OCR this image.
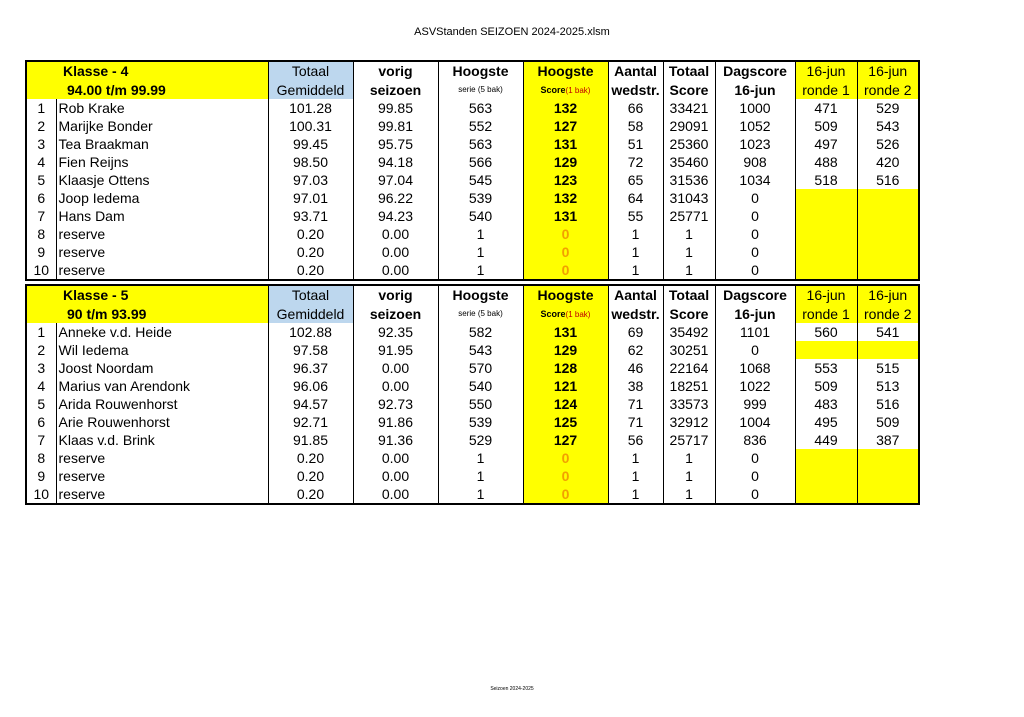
ASVStanden SEIZOEN 2024-2025.xlsm
Klasse - 4		Totaal	vorig	Hoogste	Hoogste	Aantal	Totaal	Dagscore	16-jun	16-jun
94.00 t/m 99.99		Gemiddeld	seizoen	serie (5 bak)	Score(1 bak)	wedstr.	Score	16-jun	ronde 1	ronde 2
1	Rob Krake	101.28	99.85	563	132	66	33421	1000	471	529
2	Marijke Bonder	100.31	99.81	552	127	58	29091	1052	509	543
3	Tea Braakman	99.45	95.75	563	131	51	25360	1023	497	526
4	Fien Reijns	98.50	94.18	566	129	72	35460	908	488	420
5	Klaasje Ottens	97.03	97.04	545	123	65	31536	1034	518	516
6	Joop Iedema	97.01	96.22	539	132	64	31043	0		
7	Hans Dam	93.71	94.23	540	131	55	25771	0		
8	reserve	0.20	0.00	1	0	1	1	0		
9	reserve	0.20	0.00	1	0	1	1	0		
10	reserve	0.20	0.00	1	0	1	1	0		
Klasse - 5		Totaal	vorig	Hoogste	Hoogste	Aantal	Totaal	Dagscore	16-jun	16-jun
90 t/m 93.99		Gemiddeld	seizoen	serie (5 bak)	Score(1 bak)	wedstr.	Score	16-jun	ronde 1	ronde 2
1	Anneke v.d. Heide	102.88	92.35	582	131	69	35492	1101	560	541
2	Wil Iedema	97.58	91.95	543	129	62	30251	0		
3	Joost Noordam	96.37	0.00	570	128	46	22164	1068	553	515
4	Marius van Arendonk	96.06	0.00	540	121	38	18251	1022	509	513
5	Arida Rouwenhorst	94.57	92.73	550	124	71	33573	999	483	516
6	Arie Rouwenhorst	92.71	91.86	539	125	71	32912	1004	495	509
7	Klaas v.d. Brink	91.85	91.36	529	127	56	25717	836	449	387
8	reserve	0.20	0.00	1	0	1	1	0		
9	reserve	0.20	0.00	1	0	1	1	0		
10	reserve	0.20	0.00	1	0	1	1	0		
Seizoen 2024-2025
